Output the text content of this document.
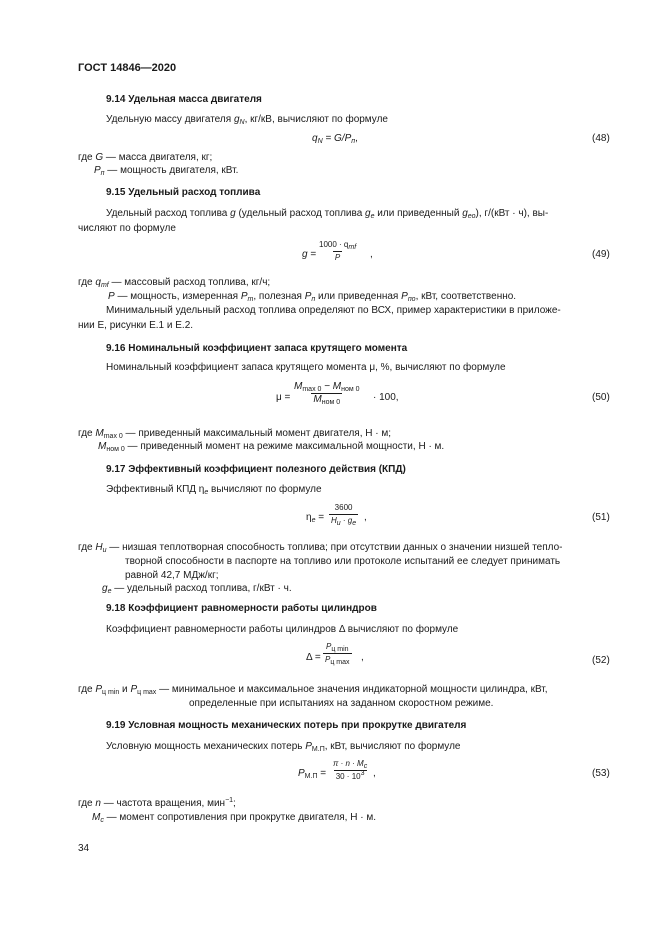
ГОСТ 14846—2020
9.14 Удельная масса двигателя
Удельную массу двигателя $g_N$, кг/кВ, вычисляют по формуле
$q_N = G/P_п$,	(48)
где G — масса двигателя, кг;
$P_п$ — мощность двигателя, кВт.
9.15 Удельный расход топлива
Удельный расход топлива g (удельный расход топлива $g_e$ или приведенный $g_{eo}$), г/(кВт · ч), вы-
числяют по формуле
g =
$1000 \cdot q_{mf}$
P	,	(49)
где $q_{mf}$ — массовый расход топлива, кг/ч;
P — мощность, измеренная $P_m$, полезная $P_п$ или приведенная $P_{по}$, кВт, соответственно.
Минимальный удельный расход топлива определяют по ВСХ, пример характеристики в приложе-
нии Е, рисунки Е.1 и Е.2.
9.16 Номинальный коэффициент запаса крутящего момента
Номинальный коэффициент запаса крутящего момента μ, %, вычисляют по формуле
μ =
$M_{max 0} - M_{ном 0}$
$M_{ном 0}$	· 100,	(50)
где $M_{max 0}$ — приведенный максимальный момент двигателя, Н · м;
$M_{ном 0}$ — приведенный момент на режиме максимальной мощности, Н · м.
9.17 Эффективный коэффициент полезного действия (КПД)
Эффективный КПД $\eta_e$ вычисляют по формуле
$\eta_e = \frac{3600}{H_u \cdot g_e}$ ,	(51)
где $H_u$ — низшая теплотворная способность топлива; при отсутствии данных о значении низшей тепло-
творной способности в паспорте на топливо или протоколе испытаний ее следует принимать
равной 42,7 МДж/кг;
$g_e$ — удельный расход топлива, г/кВт · ч.
9.18 Коэффициент равномерности работы цилиндров
Коэффициент равномерности работы цилиндров Δ вычисляют по формуле
Δ =
$P_{ц min}$
$P_{ц max}$ ,	(52)
где $P_{ц min}$ и $P_{ц max}$ — минимальное и максимальное значения индикаторной мощности цилиндра, кВт,
определенные при испытаниях на заданном скоростном режиме.
9.19 Условная мощность механических потерь при прокрутке двигателя
Условную мощность механических потерь $P_{М.П}$, кВт, вычисляют по формуле
$P_{М.П} = \frac{\pi \cdot n \cdot M_c}{30 \cdot 10^3}$ ,	(53)
где n — частота вращения, мин$^{-1}$;
$M_c$ — момент сопротивления при прокрутке двигателя, Н · м.
34
